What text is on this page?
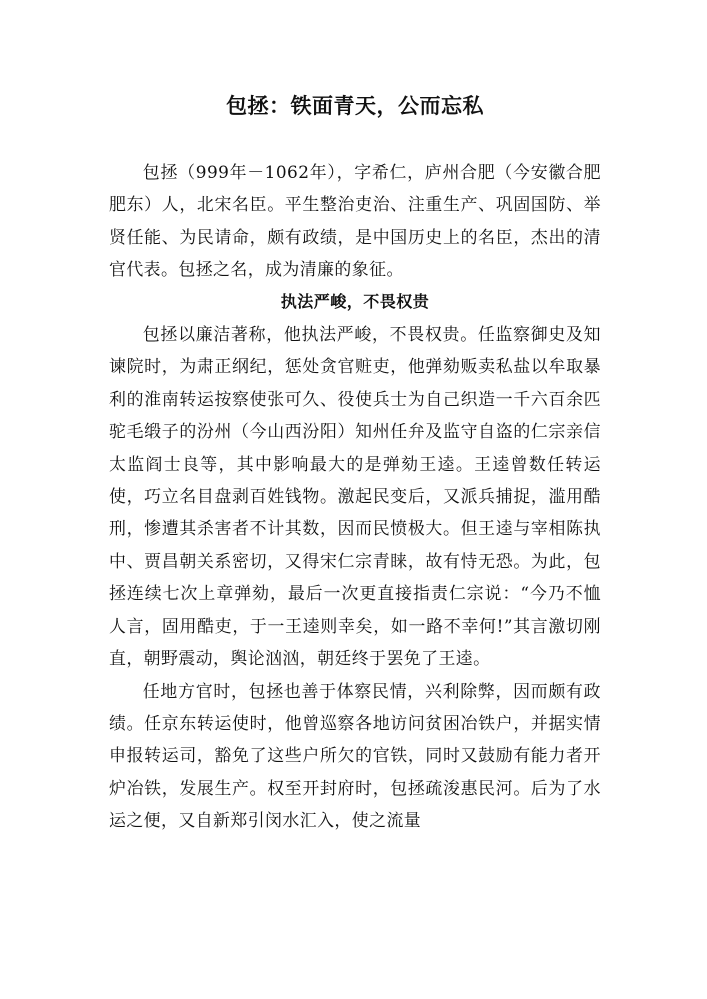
包拯：铁面青天，公而忘私

包拯（999年－1062年），字希仁，庐州合肥（今安徽合肥肥东）人，北宋名臣。平生整治吏治、注重生产、巩固国防、举贤任能、为民请命，颇有政绩，是中国历史上的名臣，杰出的清官代表。包拯之名，成为清廉的象征。

执法严峻，不畏权贵

包拯以廉洁著称，他执法严峻，不畏权贵。任监察御史及知谏院时，为肃正纲纪，惩处贪官赃吏，他弹劾贩卖私盐以牟取暴利的淮南转运按察使张可久、役使兵士为自己织造一千六百余匹驼毛缎子的汾州（今山西汾阳）知州任弁及监守自盗的仁宗亲信太监阎士良等，其中影响最大的是弹劾王逵。王逵曾数任转运使，巧立名目盘剥百姓钱物。激起民变后，又派兵捕捉，滥用酷刑，惨遭其杀害者不计其数，因而民愤极大。但王逵与宰相陈执中、贾昌朝关系密切，又得宋仁宗青睐，故有恃无恐。为此，包拯连续七次上章弹劾，最后一次更直接指责仁宗说：“今乃不恤人言，固用酷吏，于一王逵则幸矣，如一路不幸何!”其言激切刚直，朝野震动，舆论汹汹，朝廷终于罢免了王逵。

任地方官时，包拯也善于体察民情，兴利除弊，因而颇有政绩。任京东转运使时，他曾巡察各地访问贫困冶铁户，并据实情申报转运司，豁免了这些户所欠的官铁，同时又鼓励有能力者开炉冶铁，发展生产。权至开封府时，包拯疏浚惠民河。后为了水运之便，又自新郑引闵水汇入，使之流量
